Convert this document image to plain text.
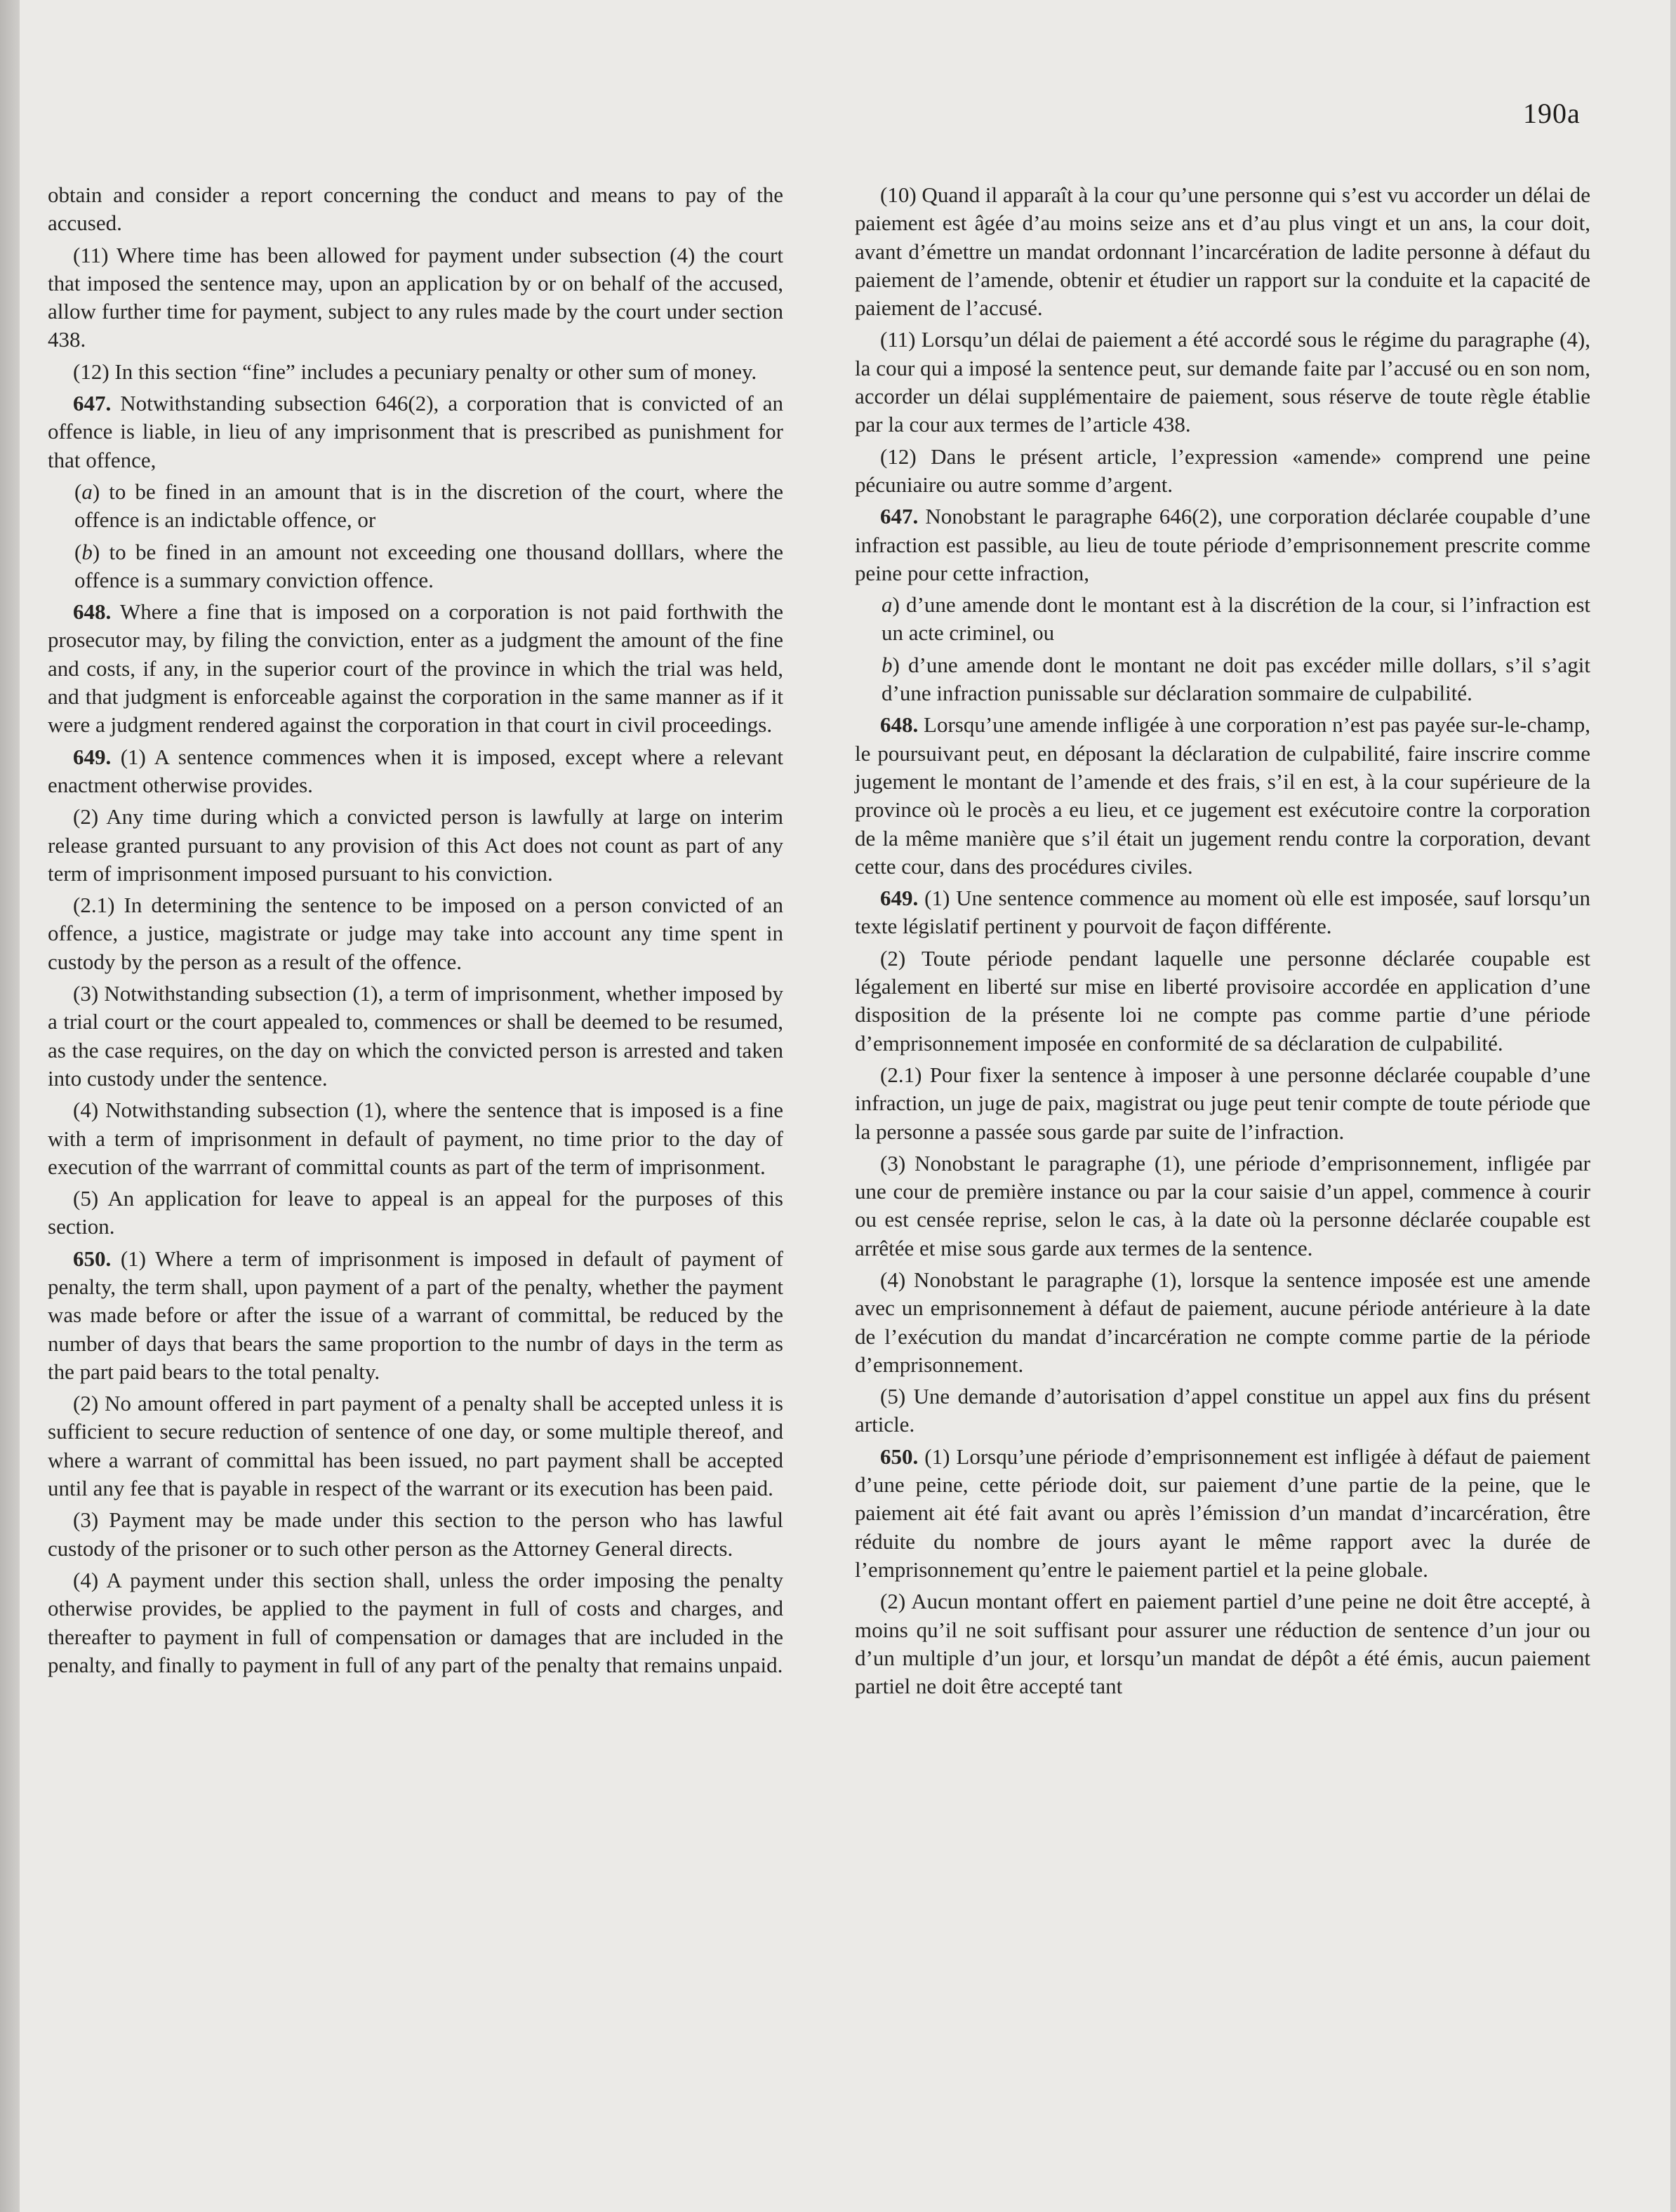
190a

obtain and consider a report concerning the conduct and means to pay of the accused.

(11) Where time has been allowed for payment under subsection (4) the court that imposed the sentence may, upon an application by or on behalf of the accused, allow further time for payment, subject to any rules made by the court under section 438.

(12) In this section “fine” includes a pecuniary penalty or other sum of money.

647. Notwithstanding subsection 646(2), a corporation that is convicted of an offence is liable, in lieu of any imprisonment that is prescribed as punishment for that offence,

(a) to be fined in an amount that is in the discretion of the court, where the offence is an indictable offence, or

(b) to be fined in an amount not exceeding one thousand dolllars, where the offence is a summary conviction offence.

648. Where a fine that is imposed on a corporation is not paid forthwith the prosecutor may, by filing the conviction, enter as a judgment the amount of the fine and costs, if any, in the superior court of the province in which the trial was held, and that judgment is enforceable against the corporation in the same manner as if it were a judgment rendered against the corporation in that court in civil proceedings.

649. (1) A sentence commences when it is imposed, except where a relevant enactment otherwise provides.

(2) Any time during which a convicted person is lawfully at large on interim release granted pursuant to any provision of this Act does not count as part of any term of imprisonment imposed pursuant to his conviction.

(2.1) In determining the sentence to be imposed on a person convicted of an offence, a justice, magistrate or judge may take into account any time spent in custody by the person as a result of the offence.

(3) Notwithstanding subsection (1), a term of imprisonment, whether imposed by a trial court or the court appealed to, commences or shall be deemed to be resumed, as the case requires, on the day on which the convicted person is arrested and taken into custody under the sentence.

(4) Notwithstanding subsection (1), where the sentence that is imposed is a fine with a term of imprisonment in default of payment, no time prior to the day of execution of the warrrant of committal counts as part of the term of imprisonment.

(5) An application for leave to appeal is an appeal for the purposes of this section.

650. (1) Where a term of imprisonment is imposed in default of payment of penalty, the term shall, upon payment of a part of the penalty, whether the payment was made before or after the issue of a warrant of committal, be reduced by the number of days that bears the same proportion to the numbr of days in the term as the part paid bears to the total penalty.

(2) No amount offered in part payment of a penalty shall be accepted unless it is sufficient to secure reduction of sentence of one day, or some multiple thereof, and where a warrant of committal has been issued, no part payment shall be accepted until any fee that is payable in respect of the warrant or its execution has been paid.

(3) Payment may be made under this section to the person who has lawful custody of the prisoner or to such other person as the Attorney General directs.

(4) A payment under this section shall, unless the order imposing the penalty otherwise provides, be applied to the payment in full of costs and charges, and thereafter to payment in full of compensation or damages that are included in the penalty, and finally to payment in full of any part of the penalty that remains unpaid.

(10) Quand il apparaît à la cour qu’une personne qui s’est vu accorder un délai de paiement est âgée d’au moins seize ans et d’au plus vingt et un ans, la cour doit, avant d’émettre un mandat ordonnant l’incarcération de ladite personne à défaut du paiement de l’amende, obtenir et étudier un rapport sur la conduite et la capacité de paiement de l’accusé.

(11) Lorsqu’un délai de paiement a été accordé sous le régime du paragraphe (4), la cour qui a imposé la sentence peut, sur demande faite par l’accusé ou en son nom, accorder un délai supplémentaire de paiement, sous réserve de toute règle établie par la cour aux termes de l’article 438.

(12) Dans le présent article, l’expression «amende» comprend une peine pécuniaire ou autre somme d’argent.

647. Nonobstant le paragraphe 646(2), une corporation déclarée coupable d’une infraction est passible, au lieu de toute période d’emprisonnement prescrite comme peine pour cette infraction,

a) d’une amende dont le montant est à la discrétion de la cour, si l’infraction est un acte criminel, ou

b) d’une amende dont le montant ne doit pas excéder mille dollars, s’il s’agit d’une infraction punissable sur déclaration sommaire de culpabilité.

648. Lorsqu’une amende infligée à une corporation n’est pas payée sur-le-champ, le poursuivant peut, en déposant la déclaration de culpabilité, faire inscrire comme jugement le montant de l’amende et des frais, s’il en est, à la cour supérieure de la province où le procès a eu lieu, et ce jugement est exécutoire contre la corporation de la même manière que s’il était un jugement rendu contre la corporation, devant cette cour, dans des procédures civiles.

649. (1) Une sentence commence au moment où elle est imposée, sauf lorsqu’un texte législatif pertinent y pourvoit de façon différente.

(2) Toute période pendant laquelle une personne déclarée coupable est légalement en liberté sur mise en liberté provisoire accordée en application d’une disposition de la présente loi ne compte pas comme partie d’une période d’emprisonnement imposée en conformité de sa déclaration de culpabilité.

(2.1) Pour fixer la sentence à imposer à une personne déclarée coupable d’une infraction, un juge de paix, magistrat ou juge peut tenir compte de toute période que la personne a passée sous garde par suite de l’infraction.

(3) Nonobstant le paragraphe (1), une période d’emprisonnement, infligée par une cour de première instance ou par la cour saisie d’un appel, commence à courir ou est censée reprise, selon le cas, à la date où la personne déclarée coupable est arrêtée et mise sous garde aux termes de la sentence.

(4) Nonobstant le paragraphe (1), lorsque la sentence imposée est une amende avec un emprisonnement à défaut de paiement, aucune période antérieure à la date de l’exécution du mandat d’incarcération ne compte comme partie de la période d’emprisonnement.

(5) Une demande d’autorisation d’appel constitue un appel aux fins du présent article.

650. (1) Lorsqu’une période d’emprisonnement est infligée à défaut de paiement d’une peine, cette période doit, sur paiement d’une partie de la peine, que le paiement ait été fait avant ou après l’émission d’un mandat d’incarcération, être réduite du nombre de jours ayant le même rapport avec la durée de l’emprisonnement qu’entre le paiement partiel et la peine globale.

(2) Aucun montant offert en paiement partiel d’une peine ne doit être accepté, à moins qu’il ne soit suffisant pour assurer une réduction de sentence d’un jour ou d’un multiple d’un jour, et lorsqu’un mandat de dépôt a été émis, aucun paiement partiel ne doit être accepté tant
